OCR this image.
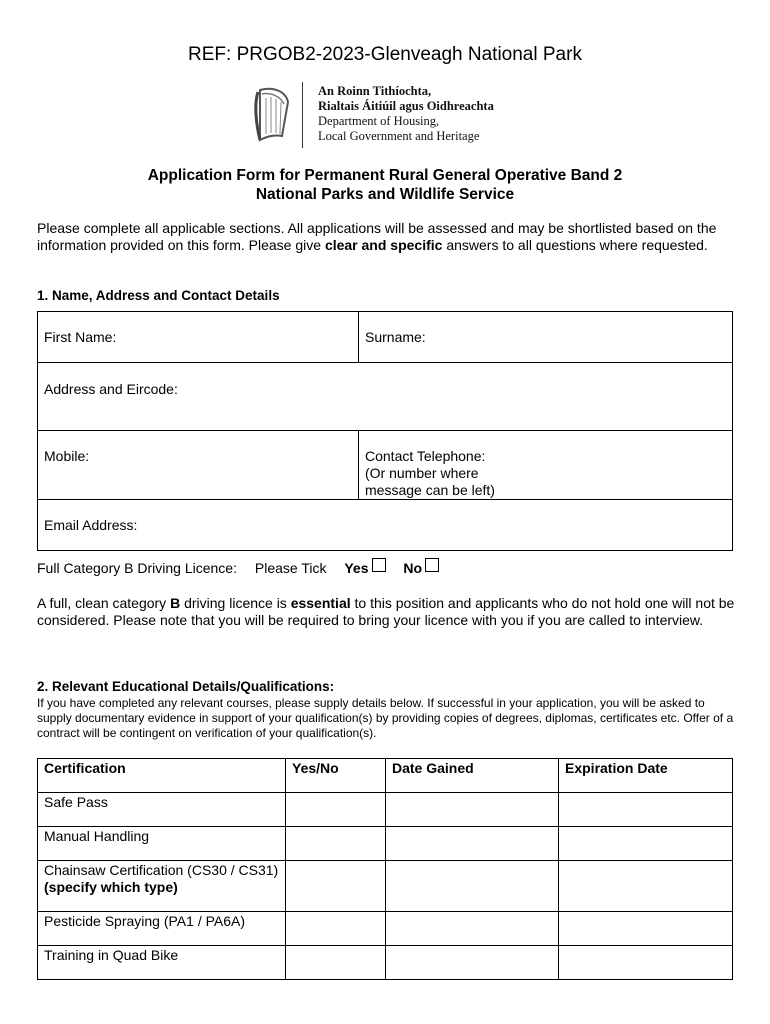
REF: PRGOB2-2023-Glenveagh National Park
An Roinn Tithíochta,
Rialtais Áitiúil agus Oidhreachta
Department of Housing,
Local Government and Heritage
Application Form for Permanent Rural General Operative Band 2
National Parks and Wildlife Service
Please complete all applicable sections. All applications will be assessed and may be shortlisted based on the information provided on this form. Please give clear and specific answers to all questions where requested.
1. Name, Address and Contact Details
First Name:	Surname:
Address and Eircode:	
Mobile:	Contact Telephone:
(Or number where
message can be left)

Email Address:	
Full Category B Driving Licence: Please Tick Yes No
A full, clean category B driving licence is essential to this position and applicants who do not hold one will not be considered. Please note that you will be required to bring your licence with you if you are called to interview.
2. Relevant Educational Details/Qualifications:
If you have completed any relevant courses, please supply details below. If successful in your application, you will be asked to supply documentary evidence in support of your qualification(s) by providing copies of degrees, diplomas, certificates etc. Offer of a contract will be contingent on verification of your qualification(s).
Certification	Yes/No	Date Gained	Expiration Date
Safe Pass			
Manual Handling			
Chainsaw Certification (CS30 / CS31) (specify which type)			
Pesticide Spraying (PA1 / PA6A)			
Training in Quad Bike			
